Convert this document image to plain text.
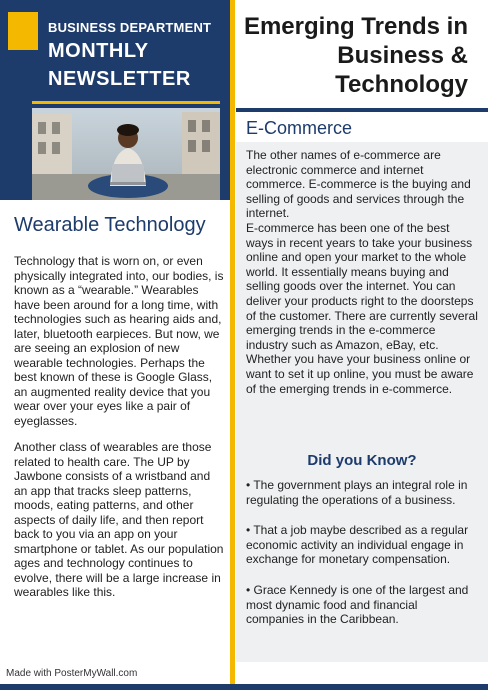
BUSINESS DEPARTMENT
MONTHLY
NEWSLETTER
Wearable Technology

Technology that is worn on, or even physically integrated into, our bodies, is known as a “wearable.” Wearables have been around for a long time, with technologies such as hearing aids and, later, bluetooth earpieces. But now, we are seeing an explosion of new wearable technologies. Perhaps the best known of these is Google Glass, an augmented reality device that you wear over your eyes like a pair of eyeglasses.

Another class of wearables are those related to health care. The UP by Jawbone consists of a wristband and an app that tracks sleep patterns, moods, eating patterns, and other aspects of daily life, and then report back to you via an app on your smartphone or tablet. As our population ages and technology continues to evolve, there will be a large increase in wearables like this.

Made with PosterMyWall.com
Emerging Trends in
Business &
Technology
E-Commerce

The other names of e-commerce are electronic commerce and internet commerce. E-commerce is the buying and selling of goods and services through the internet.

E-commerce has been one of the best ways in recent years to take your business online and open your market to the whole world. It essentially means buying and selling goods over the internet. You can deliver your products right to the doorsteps of the customer. There are currently several emerging trends in the e-commerce industry such as Amazon, eBay, etc. Whether you have your business online or want to set it up online, you must be aware of the emerging trends in e-commerce.

Did you Know?

• The government plays an integral role in regulating the operations of a business.

• That a job maybe described as a regular economic activity an individual engage in exchange for monetary compensation.

• Grace Kennedy is one of the largest and most dynamic food and financial companies in the Caribbean.
